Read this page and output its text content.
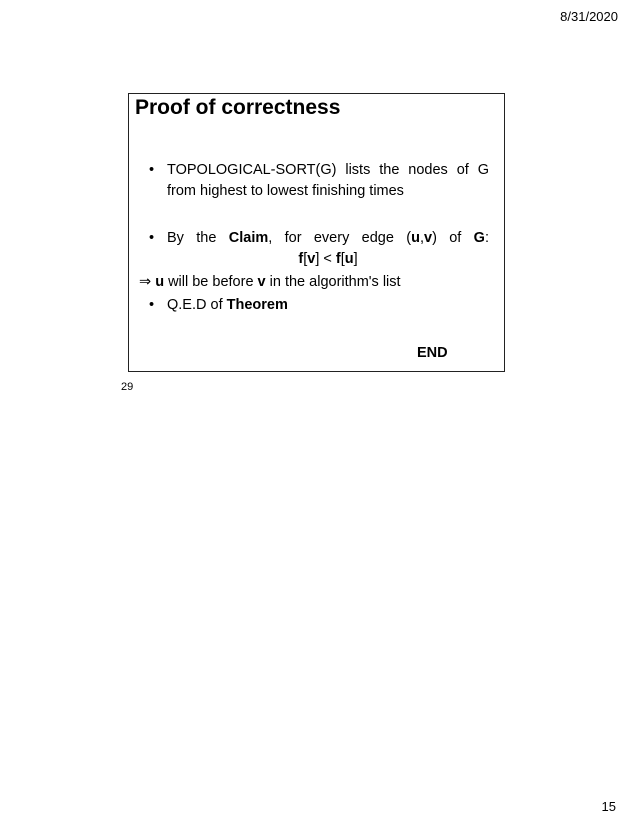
8/31/2020
Proof of correctness
• TOPOLOGICAL-SORT(G) lists the nodes of G from highest to lowest finishing times
• By the Claim, for every edge (u,v) of G:
f[v] < f[u]
⇒ u will be before v in the algorithm's list
• Q.E.D of Theorem
END
29
15
